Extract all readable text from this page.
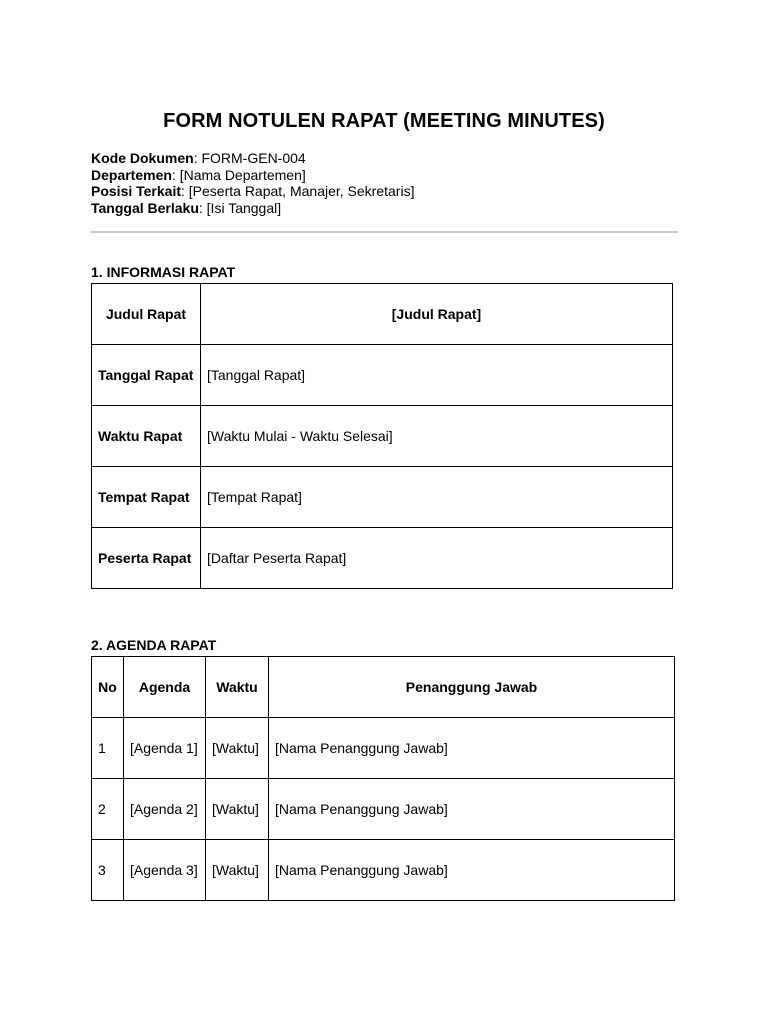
FORM NOTULEN RAPAT (MEETING MINUTES)
Kode Dokumen: FORM-GEN-004
Departemen: [Nama Departemen]
Posisi Terkait: [Peserta Rapat, Manajer, Sekretaris]
Tanggal Berlaku: [Isi Tanggal]
1. INFORMASI RAPAT
Judul Rapat	[Judul Rapat]
Tanggal Rapat	[Tanggal Rapat]
Waktu Rapat	[Waktu Mulai - Waktu Selesai]
Tempat Rapat	[Tempat Rapat]
Peserta Rapat	[Daftar Peserta Rapat]
2. AGENDA RAPAT
No	Agenda	Waktu	Penanggung Jawab
1	[Agenda 1]	[Waktu]	[Nama Penanggung Jawab]
2	[Agenda 2]	[Waktu]	[Nama Penanggung Jawab]
3	[Agenda 3]	[Waktu]	[Nama Penanggung Jawab]
